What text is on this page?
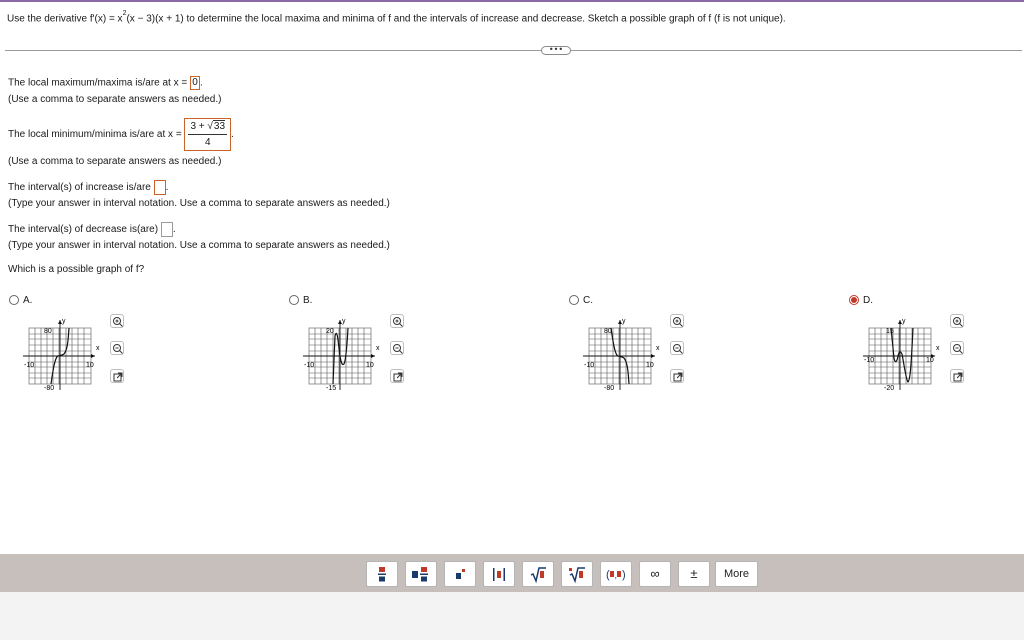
Use the derivative $f'(x) = x^2(x - 3)(x + 1)$ to determine the local maxima and minima of f and the intervals of increase and decrease. Sketch a possible graph of f (f is not unique).
•••
The local maximum/maxima is/are at x = 0 .
(Use a comma to separate answers as needed.)
The local minimum/minima is/are at $x = \frac{3 + √33}{4}$ .
(Use a comma to separate answers as needed.)
The interval(s) of increase is/are .
(Type your answer in interval notation. Use a comma to separate answers as needed.)
The interval(s) of decrease is(are) .
(Type your answer in interval notation. Use a comma to separate answers as needed.)
Which is a possible graph of f?
A.	B.	C.	D.
y
x
80
-80
-10	10
y
x
20
-15
-10	10
y
x
80
-80
-10	10
y
x
15
-20
-10	10
( , )	∞	±	More
